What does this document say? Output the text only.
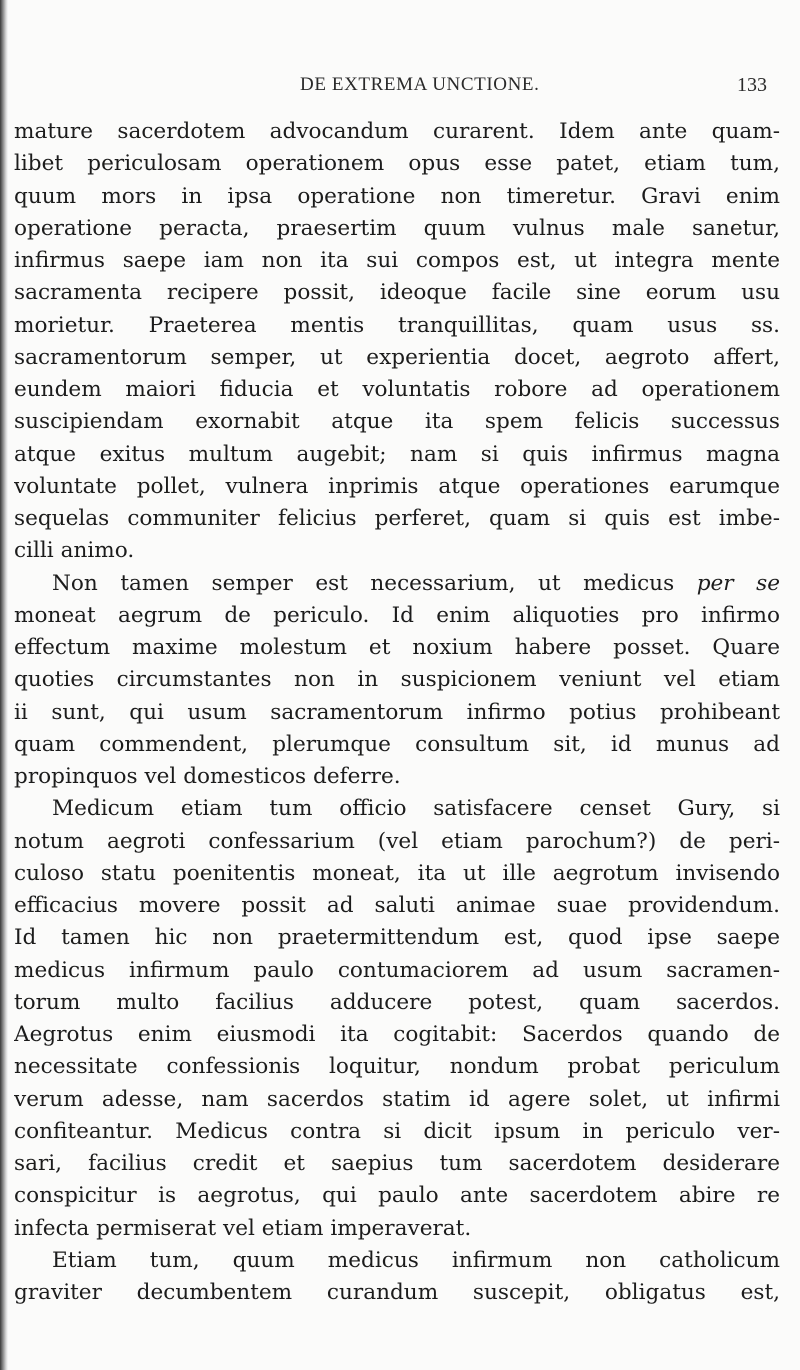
DE EXTREMA UNCTIONE.	133
mature sacerdotem advocandum curarent. Idem ante quam-
libet periculosam operationem opus esse patet, etiam tum,
quum mors in ipsa operatione non timeretur. Gravi enim
operatione peracta, praesertim quum vulnus male sanetur,
infirmus saepe iam non ita sui compos est, ut integra mente
sacramenta recipere possit, ideoque facile sine eorum usu
morietur. Praeterea mentis tranquillitas, quam usus ss.
sacramentorum semper, ut experientia docet, aegroto affert,
eundem maiori fiducia et voluntatis robore ad operationem
suscipiendam exornabit atque ita spem felicis successus
atque exitus multum augebit; nam si quis infirmus magna
voluntate pollet, vulnera inprimis atque operationes earumque
sequelas communiter felicius perferet, quam si quis est imbe-
cilli animo.
Non tamen semper est necessarium, ut medicus per se
moneat aegrum de periculo. Id enim aliquoties pro infirmo
effectum maxime molestum et noxium habere posset. Quare
quoties circumstantes non in suspicionem veniunt vel etiam
ii sunt, qui usum sacramentorum infirmo potius prohibeant
quam commendent, plerumque consultum sit, id munus ad
propinquos vel domesticos deferre.
Medicum etiam tum officio satisfacere censet Gury, si
notum aegroti confessarium (vel etiam parochum?) de peri-
culoso statu poenitentis moneat, ita ut ille aegrotum invisendo
efficacius movere possit ad saluti animae suae providendum.
Id tamen hic non praetermittendum est, quod ipse saepe
medicus infirmum paulo contumaciorem ad usum sacramen-
torum multo facilius adducere potest, quam sacerdos.
Aegrotus enim eiusmodi ita cogitabit: Sacerdos quando de
necessitate confessionis loquitur, nondum probat periculum
verum adesse, nam sacerdos statim id agere solet, ut infirmi
confiteantur. Medicus contra si dicit ipsum in periculo ver-
sari, facilius credit et saepius tum sacerdotem desiderare
conspicitur is aegrotus, qui paulo ante sacerdotem abire re
infecta permiserat vel etiam imperaverat.
Etiam tum, quum medicus infirmum non catholicum
graviter decumbentem curandum suscepit, obligatus est,
